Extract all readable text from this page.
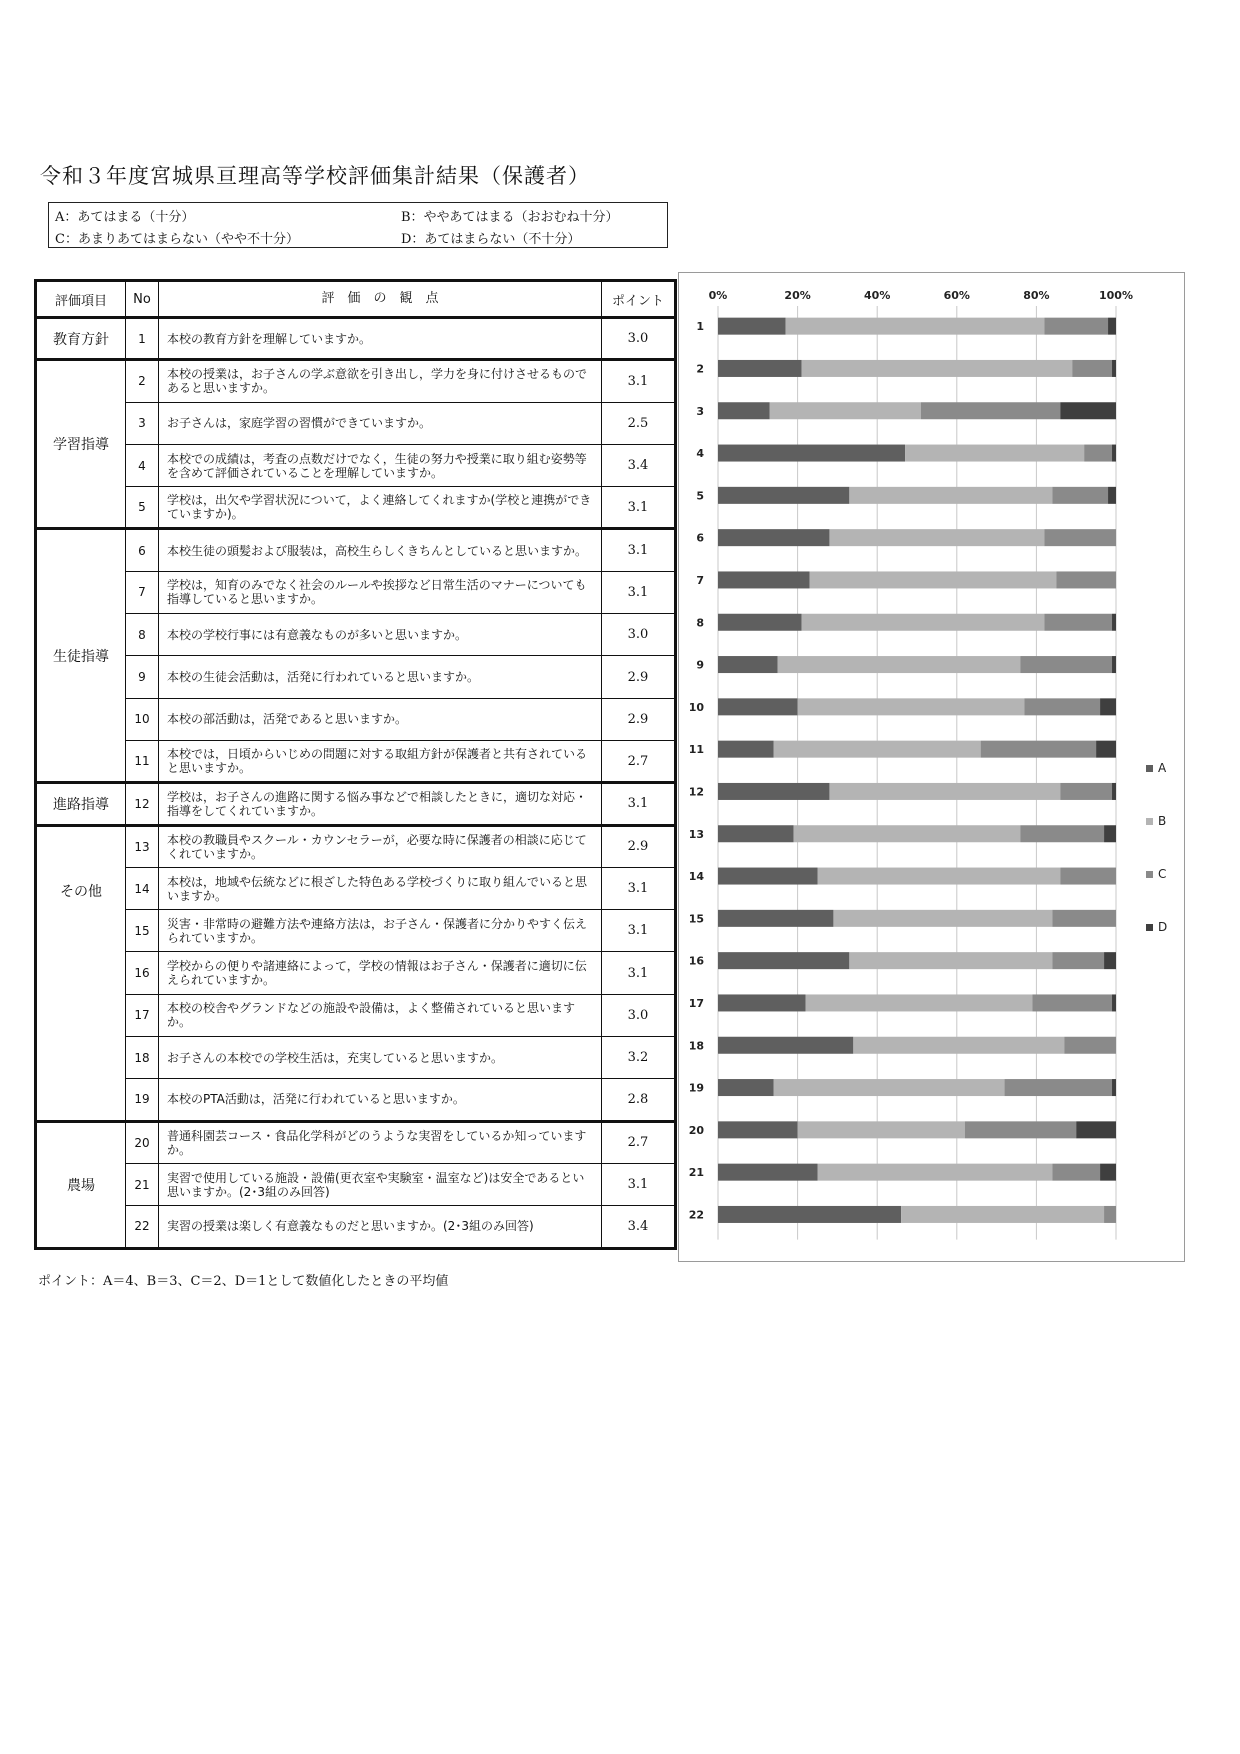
令和３年度宮城県亘理高等学校評価集計結果（保護者）
A：あてはまる（十分）	B：ややあてはまる（おおむね十分）
C：あまりあてはまらない（やや不十分）	D：あてはまらない（不十分）
評価項目	No	評　価　の　観　点	ポイント
教育方針	1	本校の教育方針を理解していますか。	3.0
学習指導	2	本校の授業は，お子さんの学ぶ意欲を引き出し，学力を身に付けさせるものであると思いますか。	3.1
	3	お子さんは，家庭学習の習慣ができていますか。	2.5
	4	本校での成績は，考査の点数だけでなく，生徒の努力や授業に取り組む姿勢等を含めて評価されていることを理解していますか。	3.4
	5	学校は，出欠や学習状況について，よく連絡してくれますか(学校と連携ができていますか)。	3.1
生徒指導	6	本校生徒の頭髪および服装は，高校生らしくきちんとしていると思いますか。	3.1
	7	学校は，知育のみでなく社会のルールや挨拶など日常生活のマナーについても指導していると思いますか。	3.1
	8	本校の学校行事には有意義なものが多いと思いますか。	3.0
	9	本校の生徒会活動は，活発に行われていると思いますか。	2.9
	10	本校の部活動は，活発であると思いますか。	2.9
	11	本校では，日頃からいじめの問題に対する取組方針が保護者と共有されていると思いますか。	2.7
進路指導	12	学校は，お子さんの進路に関する悩み事などで相談したときに，適切な対応・指導をしてくれていますか。	3.1
その他	13	本校の教職員やスクール・カウンセラーが，必要な時に保護者の相談に応じてくれていますか。	2.9
	14	本校は，地域や伝統などに根ざした特色ある学校づくりに取り組んでいると思いますか。	3.1
	15	災害・非常時の避難方法や連絡方法は，お子さん・保護者に分かりやすく伝えられていますか。	3.1
	16	学校からの便りや諸連絡によって，学校の情報はお子さん・保護者に適切に伝えられていますか。	3.1
	17	本校の校舎やグランドなどの施設や設備は，よく整備されていると思いますか。	3.0
	18	お子さんの本校での学校生活は，充実していると思いますか。	3.2
	19	本校のPTA活動は，活発に行われていると思いますか。	2.8
農場	20	普通科園芸コース・食品化学科がどのうような実習をしているか知っていますか。	2.7
	21	実習で使用している施設・設備(更衣室や実験室・温室など)は安全であるとい思いますか。(2･3組のみ回答)	3.1
	22	実習の授業は楽しく有意義なものだと思いますか。(2･3組のみ回答)	3.4
ポイント：A＝4、B＝3、C＝2、D＝1として数値化したときの平均値
0%	20%	40%	60%	80%	100%
1
2
3
4
5
6
7
8
9
10
11
12
13
14
15
16
17
18
19
20
21
22
A
B
C
D
